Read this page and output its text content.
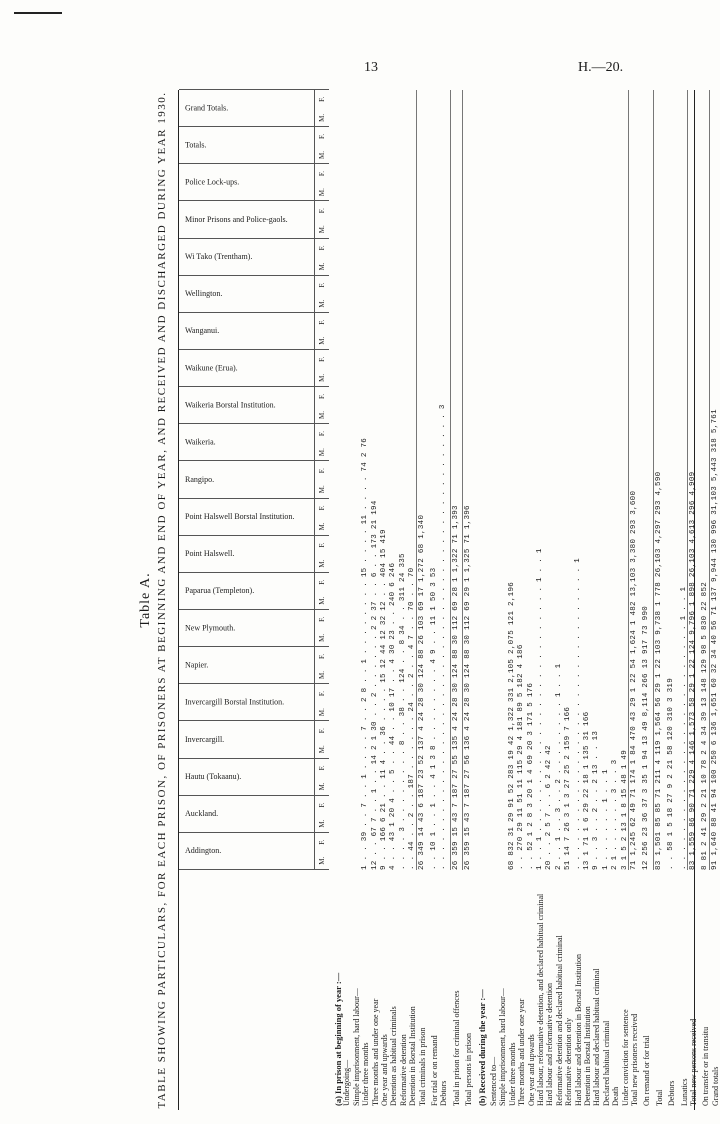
Table A. TABLE SHOWING PARTICULARS, FOR EACH PRISON, OF PRISONERS AT BEGINNING AND END OF YEAR, AND RECEIVED AND DISCHARGED DURING YEAR 1930. Addington.
M.
F.
Auckland.
M.
F.
Hautu (Tokaanu).
M.
F.
Invercargill.
M.
F.
Invercargill Borstal Institution.
M.
F.
Napier.
M.
F.
New Plymouth.
M.
F.
Paparua (Templeton).
M.
F.
Point Halswell.
M.
F.
Point Halswell Borstal Institution.
M.
F.
Rangipo.
M.
F.
Waikeria.
M.
F.
Waikeria Borstal Institution.
M.
F.
Waikune (Erua).
M.
F.
Wanganui.
M.
F.
Wellington.
M.
F.
Wi Tako (Trentham).
M.
F.
Minor Prisons and Police-gaols.
M.
F.
Police Lock-ups.
M.
F.
Totals.
M.
F.
Grand Totals.
M.
F.
(a) In prison at beginning of year :— Undergoing— Simple imprisonment, hard labour— Under three months Three months and under one year One year and upwards Detention as habitual criminals Reformative detention Detention in Borstal Institution Total criminals in prison For trial or on remand Debtors Total in prison for criminal offences Total persons in prison (b) Received during the year :— Sentenced to— Simple imprisonment, hard labour— Under three months Three months and under one year One year and upwards Hard labour, reformative detention, and declared habitual criminal Hard labour and reformative detention Reformative detention and declared habitual criminal Reformative detention only Hard labour and detention in Borstal Institution Detention in Borstal Institution Hard labour and declared habitual criminal Declared habitual criminal Death Under conviction for sentence Total new prisoners received On remand or for trial Total Debtors Lunatics Total new persons received On transfer or in transitu Grand totals
1 . . 39 . . 7 . . 1 . . . . 7 . . 2 8 . . 1 . . . . . . . . 15 . . . . 11 . . . . 74 2 76 12 . . 67 7 . . 1 . . 14 2 1 30 . . 2 . . . . . . 2 2 37 . . 6 . . 173 21 194 9 . . 166 6 21 . . 11 4 . . 36 . . . . 15 12 44 12 32 12 . . 404 15 419 4 . . 43 1 20 4 . . 5 . . 44 . . 10 17 . . 4 30 23 . . 240 6 246 . . . . 3 . . . . . . . . 8 . . 38 . . 124 . . 8 34 . . 311 24 335 . . 44 . . 2 . . 187 . . . . . . 24 . . 2 . . 4 7 . . 70 . . 70 26 349 14 43 6 187 23 52 137 4 24 28 30 124 88 26 103 69 17 1,272 68 1,340 . . 10 1 . . 1 . . 4 1 3 8 . . . . . . . . 4 9 . . 11 1 50 3 53 . . . . . . . . . . . . . . . . . . . . . . . . . . . . . . . . . . . . . . . . . . . . . . . . 3 26 359 15 43 7 187 27 55 135 4 24 28 30 124 88 30 112 69 28 1 1,322 71 1,393 26 359 15 43 7 187 27 56 136 4 24 28 30 124 88 30 112 69 29 1 1,325 71 1,396	68 832 31 29 91 52 283 19 42 1,322 331 2,105 2,075 121 2,196 . . 270 29 11 51 11 115 29 4 181 89 5 182 4 186 . . 52 1 2 8 3 20 1 4 69 20 3 171 5 176 1 . . 1 . . . . . . . . . . . . . . . . . . . . . . . . . . 1 . . 1 20 . . 2 5 7 . . 6 2 42 42 2 . . 1 . . 3 . . 2 . . . . . . . . 1 . . 1 51 14 7 26 3 1 3 27 25 2 159 7 166 . . . . . . . . . . . . . . . . . . . . . . . . . . . . . . . . 1 13 1 71 1 6 29 22 18 1 135 31 166 9 . . 3 . . 2 . . 2 13 . . 13 1 . . . . . . 1 . . 1 2 1 . . . . . . 3 . . 3 3 1 5 2 13 1 8 15 48 1 49 71 1,245 62 49 71 174 1 84 470 43 29 1 22 54 1,624 1 482 13,103 3,380 293 3,600 12 256 23 36 37 3 35 1 94 13 49 8,114 266 13 917 73 990 83 1,501 85 85 71 211 4 119 1,564 56 29 1 22 103 9,738 1 778 26,103 4,297 293 4,590 . . 58 1 5 18 27 9 2 21 58 120 310 3 319 . . . . . . . . . . . . . . . . . . . . . . . . . . 1 . . 1 83 1,559 86 90 71 229 4 146 1,573 58 29 1 22 124 9,796 1 898 26,103 4,613 296 4,909 8 81 2 41 29 2 21 10 78 2 4 34 39 13 148 129 98 5 830 22 852 91 1,640 88 41 94 100 250 6 136 1,651 60 32 34 40 56 71 137 9,944 130 996 31,103 5,443 318 5,761
13	H.—20.
